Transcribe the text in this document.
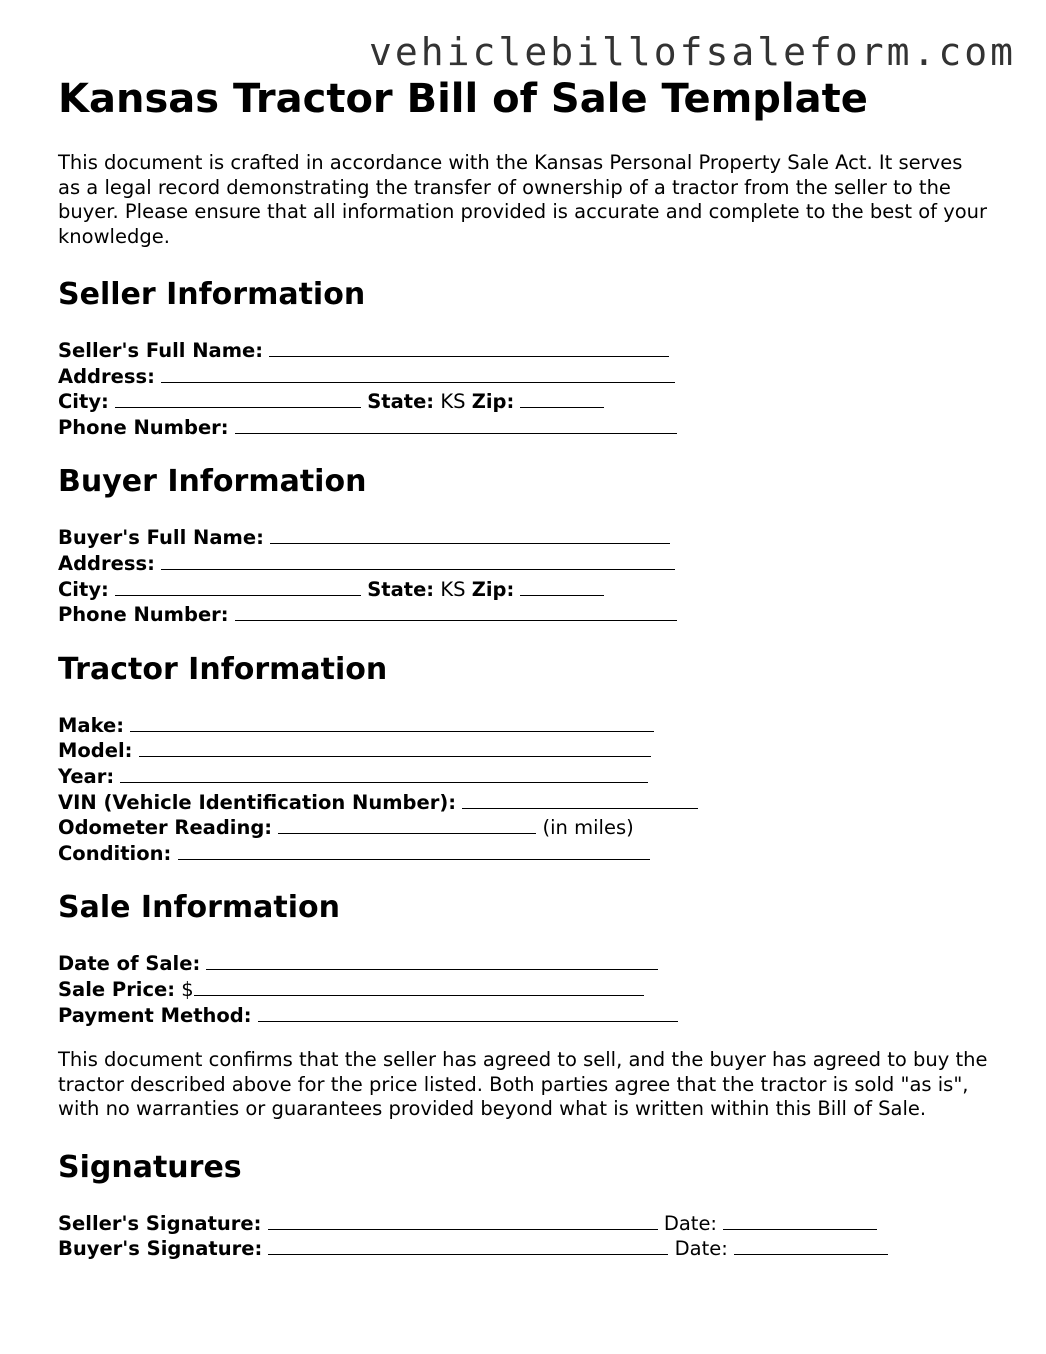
vehiclebillofsaleform.com
Kansas Tractor Bill of Sale Template

This document is crafted in accordance with the Kansas Personal Property Sale Act. It serves as a legal record demonstrating the transfer of ownership of a tractor from the seller to the buyer. Please ensure that all information provided is accurate and complete to the best of your knowledge.

Seller Information
Seller's Full Name:
Address:
City:	State: KS Zip:
Phone Number:
Buyer Information
Buyer's Full Name:
Address:
City:	State: KS Zip:
Phone Number:
Tractor Information
Make:
Model:
Year:
VIN (Vehicle Identification Number):
Odometer Reading:	(in miles)
Condition:
Sale Information
Date of Sale:
Sale Price: $
Payment Method:

This document confirms that the seller has agreed to sell, and the buyer has agreed to buy the tractor described above for the price listed. Both parties agree that the tractor is sold "as is", with no warranties or guarantees provided beyond what is written within this Bill of Sale.

Signatures
Seller's Signature:	Date:
Buyer's Signature:	Date:
